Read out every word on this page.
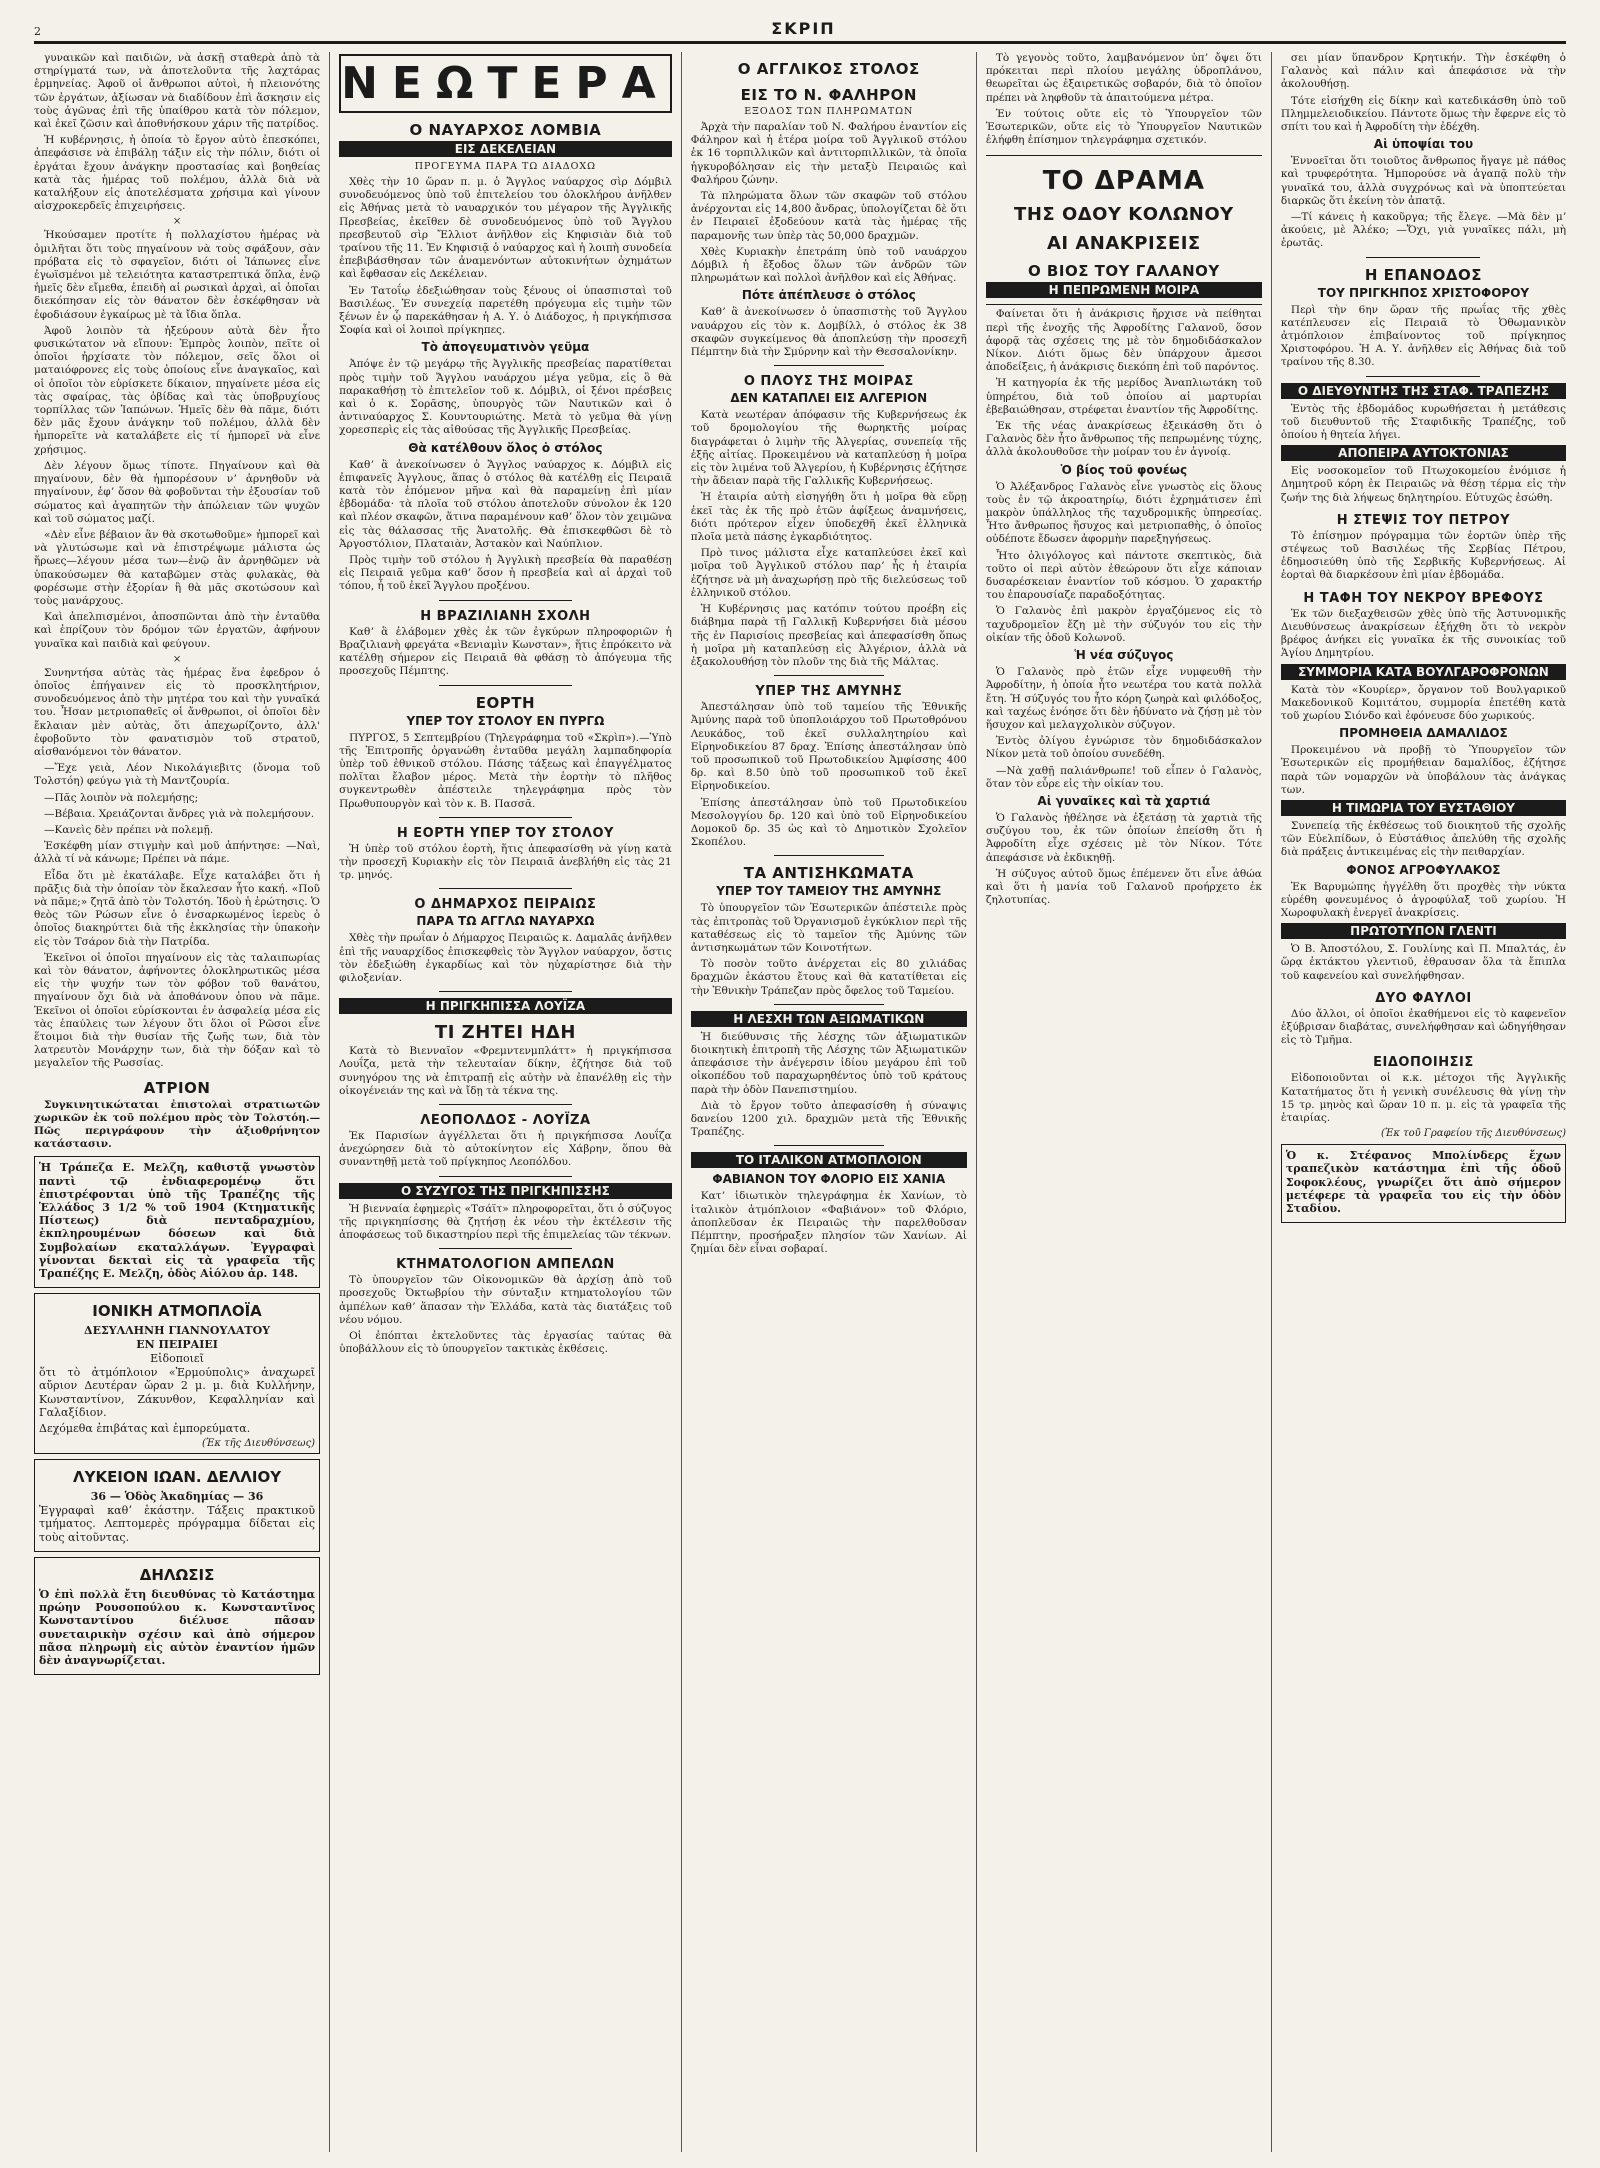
2	ΣΚΡΙΠ

γυναικῶν καὶ παιδιῶν, νὰ ἀσκῇ σταθερὰ ἀπὸ τὰ στηρίγματά των, νὰ ἀποτελοῦντα τῆς λαχτάρας ἑρμηνείας. Ἀφοῦ οἱ ἄνθρωποι αὐτοὶ, ἡ πλειονότης τῶν ἐργάτων, ἀξίωσαν νὰ διαδίδουν ἐπὶ ἄσκησιν εἰς τοὺς ἀγῶνας ἐπὶ τῆς ὑπαίθρου κατὰ τὸν πόλεμον, καὶ ἐκεῖ ζῶσιν καὶ ἀποθνήσκουν χάριν τῆς πατρίδος.

Ἡ κυβέρνησις, ἡ ὁποία τὸ ἔργον αὐτὸ ἐπεσκόπει, ἀπεφάσισε νὰ ἐπιβάλῃ τάξιν εἰς τὴν πόλιν, διότι οἱ ἐργάται ἔχουν ἀνάγκην προστασίας καὶ βοηθείας κατὰ τὰς ἡμέρας τοῦ πολέμου, ἀλλὰ διὰ νὰ καταλήξουν εἰς ἀποτελέσματα χρήσιμα καὶ γίνουν αἰσχροκερδεῖς ἐπιχειρήσεις.

×

Ἠκούσαμεν προτίτε ἡ πολλαχίστου ἡμέρας νὰ ὁμιλῆται ὅτι τοὺς πηγαίνουν νὰ τοὺς σφάξουν, σὰν πρόβατα εἰς τὸ σφαγεῖον, διότι οἱ Ἰάπωνες εἶνε ἐγωϊσμένοι μὲ τελειότητα καταστρεπτικά ὅπλα, ἐνῷ ἡμεῖς δὲν εἴμεθα, ἐπειδὴ αἱ ρωσικαὶ ἀρχαὶ, αἱ ὁποῖαι διεκόπησαν εἰς τὸν θάνατον δὲν ἐσκέφθησαν νὰ ἐφοδιάσουν ἐγκαίρως μὲ τὰ ἴδια ὅπλα.

Ἀφοῦ λοιπὸν τὰ ἠξεύρουν αὐτὰ δὲν ἦτο φυσικώτατον νὰ εἴπουν: Ἐμπρὸς λοιπὸν, πεῖτε οἱ ὁποῖοι ἠρχίσατε τὸν πόλεμον, σεῖς ὅλοι οἱ ματαιόφρονες εἰς τοὺς ὁποίους εἶνε ἀναγκαῖος, καὶ οἱ ὁποῖοι τὸν εὑρίσκετε δίκαιον, πηγαίνετε μέσα εἰς τὰς σφαίρας, τὰς ὀβίδας καὶ τὰς ὑποβρυχίους τορπίλλας τῶν Ἰαπώνων. Ἡμεῖς δὲν θὰ πᾶμε, διότι δὲν μᾶς ἔχουν ἀνάγκην τοῦ πολέμου, ἀλλὰ δὲν ἠμπορεῖτε νὰ καταλάβετε εἰς τί ἠμπορεῖ νὰ εἶνε χρήσιμος.

Δὲν λέγουν ὅμως τίποτε. Πηγαίνουν καὶ θὰ πηγαίνουν, δὲν θὰ ἠμπορέσουν νʼ ἀρνηθοῦν νὰ πηγαίνουν, ἐφʼ ὅσον θὰ φοβοῦνται τὴν ἐξουσίαν τοῦ σώματος καὶ ἀγαπητῶν τὴν ἀπώλειαν τῶν ψυχῶν καὶ τοῦ σώματος μαζί.

«Δὲν εἶνε βέβαιον ἂν θὰ σκοτωθοῦμε» ἠμπορεῖ καὶ νὰ γλυτώσωμε καὶ νὰ ἐπιστρέψωμε μάλιστα ὡς ἥρωες—λέγουν μέσα των—ἐνῷ ἂν ἀρνηθῶμεν νὰ ὑπακούσωμεν θὰ καταβῶμεν στὰς φυλακὰς, θὰ φορέσωμε στὴν ἐξορίαν ἢ θὰ μᾶς σκοτώσουν καὶ τοὺς μανάρχους.

Καὶ ἀπελπισμένοι, ἀποσπῶνται ἀπὸ τὴν ἐνταῦθα καὶ ἐπρίζουν τὸν δρόμον τῶν ἐργατῶν, ἀφήνουν γυναῖκα καὶ παιδιὰ καὶ φεύγουν.

×

Συνηντήσα αὐτὰς τὰς ἡμέρας ἕνα ἐφεδρον ὁ ὁποῖος ἐπήγαινεν εἰς τὸ προσκλητήριον, συνοδευόμενος ἀπὸ τὴν μητέρα του καὶ τὴν γυναῖκά του. Ἦσαν μετριοπαθεῖς οἱ ἄνθρωποι, οἱ ὁποῖοι δὲν ἔκλαιαν μὲν αὐτὰς, ὅτι ἀπεχωρίζοντο, ἀλλ' ἐφοβοῦντο τὸν φανατισμὸν τοῦ στρατοῦ, αἰσθανόμενοι τὸν θάνατον.

—Ἔχε γειὰ, Λέον Νικολάγιεβιτς (ὄνομα τοῦ Τολστόη) φεύγω γιὰ τὴ Μαντζουρία.

—Πᾶς λοιπὸν νὰ πολεμήσῃς;

—Βέβαια. Χρειάζονται ἄνδρες γιὰ νὰ πολεμήσουν.

—Κανεὶς δὲν πρέπει νὰ πολεμῇ.

Ἐσκέφθη μίαν στιγμὴν καὶ μοῦ ἀπήντησε: —Ναὶ, ἀλλὰ τί νὰ κάνωμε; Πρέπει νὰ πάμε.

Εἶδα ὅτι μὲ ἐκατάλαβε. Εἶχε καταλάβει ὅτι ἡ πρᾶξις διὰ τὴν ὁποίαν τὸν ἔκαλεσαν ἦτο κακή. «Ποῦ νὰ πᾶμε;» ζητᾶ ἀπὸ τὸν Τολστόη. Ἰδοὺ ἡ ἐρώτησις. Ὁ θεὸς τῶν Ρώσων εἶνε ὁ ἐνσαρκωμένος ἱερεὺς ὁ ὁποῖος διακηρύττει διὰ τῆς ἐκκλησίας τὴν ὑπακοὴν εἰς τὸν Τσάρον διὰ τὴν Πατρίδα.

Ἐκεῖνοι οἱ ὁποῖοι πηγαίνουν εἰς τὰς ταλαιπωρίας καὶ τὸν θάνατον, ἀφήνοντες ὀλοκληρωτικῶς μέσα εἰς τὴν ψυχήν των τὸν φόβον τοῦ θανάτου, πηγαίνουν ὄχι διὰ νὰ ἀποθάνουν ὁπου νὰ πᾶμε. Ἐκεῖνοι οἱ ὁποῖοι εὑρίσκονται ἐν ἀσφαλείᾳ μέσα εἰς τὰς ἐπαύλεις των λέγουν ὅτι ὅλοι οἱ Ρῶσοι εἶνε ἕτοιμοι διὰ τὴν θυσίαν τῆς ζωῆς των, διὰ τὸν λατρευτὸν Μονάρχην των, διὰ τὴν δόξαν καὶ τὸ μεγαλεῖον τῆς Ρωσσίας.

ΑΤΡΙΟΝ

Συγκινητικώταται ἐπιστολαὶ στρατιωτῶν χωρικῶν ἐκ τοῦ πολέμου πρὸς τὸν Τολστόη.— Πῶς περιγράφουν τὴν ἀξιοθρήνητον κατάστασιν.

Ἡ Τράπεζα Ε. Μελζη, καθιστᾷ γνωστὸν παντὶ τῷ ἐνδιαφερομένῳ ὅτι ἐπιστρέφονται ὑπὸ τῆς Τραπέζης τῆς Ἑλλάδος 3 1/2 % τοῦ 1904 (Κτηματικῆς Πίστεως) διὰ πενταδραχμίου, ἐκπληρουμένων δόσεων καὶ διὰ Συμβολαίων εκαταλλάγων. Ἐγγραφαὶ γίνονται δεκταὶ εἰς τὰ γραφεῖα τῆς Τραπέζης Ε. Μελζη, ὁδὸς Αἰόλου ἀρ. 148.

ΙΟΝΙΚΗ ΑΤΜΟΠΛΟΪΑ
ΔΕΣΥΛΛΗΝΗ ΓΙΑΝΝΟΥΛΑΤΟΥ
ΕΝ ΠΕΙΡΑΙΕΙ
Εἰδοποιεῖ

ὅτι τὸ ἀτμόπλοιον «Ἐρμούπολις» ἀναχωρεῖ αὔριον Δευτέραν ὥραν 2 μ. μ. διὰ Κυλλήνην, Κωνσταντίνον, Ζάκυνθον, Κεφαλληνίαν καὶ Γαλαξίδιον.

Δεχόμεθα ἐπιβάτας καὶ ἐμπορεύματα.

(Ἐκ τῆς Διευθύνσεως)
ΛΥΚΕΙΟΝ ΙΩΑΝ. ΔΕΛΛΙΟΥ
36 — Ὁδὸς Ἀκαδημίας — 36

Ἐγγραφαὶ καθʼ ἑκάστην. Τάξεις πρακτικοῦ τμήματος. Λεπτομερὲς πρόγραμμα δίδεται εἰς τοὺς αἰτοῦντας.

ΔΗΛΩΣΙΣ

Ὁ ἐπὶ πολλὰ ἔτη διευθύνας τὸ Κατάστημα πρώην Ρουσοπούλου κ. Κωνσταντῖνος Κωνσταντίνου διέλυσε πᾶσαν συνεταιρικὴν σχέσιν καὶ ἀπὸ σήμερον πᾶσα πληρωμὴ εἰς αὐτὸν ἐναντίον ἡμῶν δὲν ἀναγνωρίζεται.

ΝΕΩΤΕΡΑ
Ο ΝΑΥΑΡΧΟΣ ΛΟΜΒΙΑ
ΕΙΣ ΔΕΚΕΛΕΙΑΝ
ΠΡΟΓΕΥΜΑ ΠΑΡΑ ΤΩ ΔΙΑΔΟΧΩ

Χθὲς τὴν 10 ὥραν π. μ. ὁ Ἄγγλος ναύαρχος σὶρ Δόμβιλ συνοδευόμενος ὑπὸ τοῦ ἐπιτελείου του ὁλοκλήρου ἀνῆλθεν εἰς Ἀθήνας μετὰ τὸ ναυαρχικόν του μέγαρον τῆς Ἀγγλικῆς Πρεσβείας, ἐκεῖθεν δὲ συνοδευόμενος ὑπὸ τοῦ Ἄγγλου πρεσβευτοῦ σὶρ Ἔλλιοτ ἀνῆλθον εἰς Κηφισιὰν διὰ τοῦ τραίνου τῆς 11. Ἐν Κηφισιᾷ ὁ ναύαρχος καὶ ἡ λοιπὴ συνοδεία ἐπεβιβάσθησαν τῶν ἀναμενόντων αὐτοκινήτων ὀχημάτων καὶ ἔφθασαν εἰς Δεκέλειαν.

Ἐν Τατοΐῳ ἐδεξιώθησαν τοὺς ξένους οἱ ὑπασπισταὶ τοῦ Βασιλέως. Ἐν συνεχείᾳ παρετέθη πρόγευμα εἰς τιμὴν τῶν ξένων ἐν ᾧ παρεκάθησαν ἡ Α. Υ. ὁ Διάδοχος, ἡ πριγκήπισσα Σοφία καὶ οἱ λοιποὶ πρίγκηπες.

Τὸ ἀπογευματινὸν γεῦμα

Ἀπόψε ἐν τῷ μεγάρῳ τῆς Ἀγγλικῆς πρεσβείας παρατίθεται πρὸς τιμὴν τοῦ Ἄγγλου ναυάρχου μέγα γεῦμα, εἰς ὃ θὰ παρακαθήσῃ τὸ ἐπιτελεῖον τοῦ κ. Δόμβιλ, οἱ ξένοι πρέσβεις καὶ ὁ κ. Σορᾶσης, ὑπουργὸς τῶν Ναυτικῶν καὶ ὁ ἀντιναύαρχος Σ. Κουντουριώτης. Μετὰ τὸ γεῦμα θὰ γίνῃ χορεσπερὶς εἰς τὰς αἰθούσας τῆς Ἀγγλικῆς Πρεσβείας.

Θὰ κατέλθουν ὅλος ὁ στόλος

Καθʼ ἃ ἀνεκοίνωσεν ὁ Ἄγγλος ναύαρχος κ. Δόμβιλ εἰς ἐπιφανεῖς Ἀγγλους, ἅπας ὁ στόλος θὰ κατέλθῃ εἰς Πειραιᾶ κατὰ τὸν ἐπόμενον μῆνα καὶ θὰ παραμείνῃ ἐπὶ μίαν ἑβδομάδα· τὰ πλοῖα τοῦ στόλου ἀποτελοῦν σύνολον ἐκ 120 καὶ πλέον σκαφῶν, ἅτινα παραμένουν καθʼ ὅλον τὸν χειμῶνα εἰς τὰς θάλασσας τῆς Ἀνατολῆς. Θὰ ἐπισκεφθῶσι δὲ τὸ Ἀργοστόλιον, Πλαταιὰν, Ἀστακὸν καὶ Ναύπλιον.

Πρὸς τιμὴν τοῦ στόλου ἡ Ἀγγλικὴ πρεσβεία θὰ παραθέσῃ εἰς Πειραιᾶ γεῦμα καθʼ ὅσον ἡ πρεσβεία καὶ αἱ ἀρχαὶ τοῦ τόπου, ἦ τοῦ ἐκεῖ Ἄγγλου προξένου.

Η ΒΡΑΖΙΛΙΑΝΗ ΣΧΟΛΗ

Καθʼ ἃ ἐλάβομεν χθὲς ἐκ τῶν ἐγκύρων πληροφοριῶν ἡ Βραζιλιανὴ φρεγάτα «Βενιαμὶν Κωνσταν», ἥτις ἐπρόκειτο νὰ κατέλθῃ σήμερον εἰς Πειραιᾶ θὰ φθάσῃ τὸ ἀπόγευμα τῆς προσεχοῦς Πέμπτης.

ΕΟΡΤΗ
ΥΠΕΡ ΤΟΥ ΣΤΟΛΟΥ ΕΝ ΠΥΡΓΩ

ΠΥΡΓΟΣ, 5 Σεπτεμβρίου (Τηλεγράφημα τοῦ «Σκρὶπ»).—Ὑπὸ τῆς Ἐπιτροπῆς ὀργανώθη ἐνταῦθα μεγάλη λαμπαδηφορία ὑπὲρ τοῦ ἐθνικοῦ στόλου. Πάσης τάξεως καὶ ἐπαγγέλματος πολῖται ἔλαβον μέρος. Μετὰ τὴν ἑορτὴν τὸ πλῆθος συγκεντρωθὲν ἀπέστειλε τηλεγράφημα πρὸς τὸν Πρωθυπουργὸν καὶ τὸν κ. Β. Πασσᾶ.

Η ΕΟΡΤΗ ΥΠΕΡ ΤΟΥ ΣΤΟΛΟΥ

Ἡ ὑπὲρ τοῦ στόλου ἑορτὴ, ἥτις ἀπεφασίσθη νὰ γίνῃ κατὰ τὴν προσεχῆ Κυριακὴν εἰς τὸν Πειραιᾶ ἀνεβλήθη εἰς τὰς 21 τρ. μηνός.

Ο ΔΗΜΑΡΧΟΣ ΠΕΙΡΑΙΩΣ
ΠΑΡΑ ΤΩ ΑΓΓΛΩ ΝΑΥΑΡΧΩ

Χθὲς τὴν πρωΐαν ὁ Δήμαρχος Πειραιῶς κ. Δαμαλᾶς ἀνῆλθεν ἐπὶ τῆς ναυαρχίδος ἐπισκεφθεὶς τὸν Ἄγγλον ναύαρχον, ὅστις τὸν ἐδεξιώθη ἐγκαρδίως καὶ τὸν ηὐχαρίστησε διὰ τὴν φιλοξενίαν.

Η ΠΡΙΓΚΗΠΙΣΣΑ ΛΟΥΪΖΑ
ΤΙ ΖΗΤΕΙ ΗΔΗ

Κατὰ τὸ Βιενναῖον «Φρεμντενμπλάττ» ἡ πριγκήπισσα Λουΐζα, μετὰ τὴν τελευταίαν δίκην, ἐζήτησε διὰ τοῦ συνηγόρου της νὰ ἐπιτραπῇ εἰς αὐτὴν νὰ ἐπανέλθῃ εἰς τὴν οἰκογένειάν της καὶ νὰ ἴδῃ τὰ τέκνα της.

ΛΕΟΠΟΛΔΟΣ - ΛΟΥΪΖΑ

Ἐκ Παρισίων ἀγγέλλεται ὅτι ἡ πριγκήπισσα Λουΐζα ἀνεχώρησεν διὰ τὸ αὐτοκίνητον εἰς Χάβρην, ὅπου θὰ συναντηθῇ μετὰ τοῦ πρίγκηπος Λεοπόλδου.

Ο ΣΥΖΥΓΟΣ ΤΗΣ ΠΡΙΓΚΗΠΙΣΣΗΣ

Ἡ βιενναία ἐφημερὶς «Τσάϊτ» πληροφορεῖται, ὅτι ὁ σύζυγος τῆς πριγκηπίσσης θὰ ζητήσῃ ἐκ νέου τὴν ἐκτέλεσιν τῆς ἀποφάσεως τοῦ δικαστηρίου περὶ τῆς ἐπιμελείας τῶν τέκνων.

ΚΤΗΜΑΤΟΛΟΓΙΟΝ ΑΜΠΕΛΩΝ

Τὸ ὑπουργεῖον τῶν Οἰκονομικῶν θὰ ἀρχίσῃ ἀπὸ τοῦ προσεχοῦς Ὀκτωβρίου τὴν σύνταξιν κτηματολογίου τῶν ἀμπέλων καθʼ ἅπασαν τὴν Ἑλλάδα, κατὰ τὰς διατάξεις τοῦ νέου νόμου.

Οἱ ἐπόπται ἐκτελοῦντες τὰς ἐργασίας ταύτας θὰ ὑποβάλλουν εἰς τὸ ὑπουργεῖον τακτικὰς ἐκθέσεις.

Ο ΑΓΓΛΙΚΟΣ ΣΤΟΛΟΣ
ΕΙΣ ΤΟ Ν. ΦΑΛΗΡΟΝ
ΕΞΟΔΟΣ ΤΩΝ ΠΛΗΡΩΜΑΤΩΝ

Ἀρχὰ τὴν παραλίαν τοῦ Ν. Φαλήρου ἐναντίον εἰς Φάληρον καὶ ἡ ἑτέρα μοίρα τοῦ Ἀγγλικοῦ στόλου ἐκ 16 τορπιλλικῶν καὶ ἀντιτορπιλλικῶν, τὰ ὁποῖα ἠγκυροβόλησαν εἰς τὴν μεταξὺ Πειραιῶς καὶ Φαλήρου ζώνην.

Τὰ πληρώματα ὅλων τῶν σκαφῶν τοῦ στόλου ἀνέρχονται εἰς 14,800 ἄνδρας, ὑπολογίζεται δὲ ὅτι ἐν Πειραιεῖ ἐξοδεύουν κατὰ τὰς ἡμέρας τῆς παραμονῆς των ὑπὲρ τὰς 50,000 δραχμῶν.

Χθὲς Κυριακὴν ἐπετράπη ὑπὸ τοῦ ναυάρχου Δόμβιλ ἡ ἔξοδος ὅλων τῶν ἀνδρῶν τῶν πληρωμάτων καὶ πολλοὶ ἀνῆλθον καὶ εἰς Ἀθήνας.

Πότε ἀπέπλευσε ὁ στόλος

Καθʼ ἃ ἀνεκοίνωσεν ὁ ὑπασπιστὴς τοῦ Ἄγγλου ναυάρχου εἰς τὸν κ. Δομβίλλ, ὁ στόλος ἐκ 38 σκαφῶν συγκείμενος θὰ ἀποπλεύσῃ τὴν προσεχῆ Πέμπτην διὰ τὴν Σμύρνην καὶ τὴν Θεσσαλονίκην.

Ο ΠΛΟΥΣ ΤΗΣ ΜΟΙΡΑΣ
ΔΕΝ ΚΑΤΑΠΛΕΙ ΕΙΣ ΑΛΓΕΡΙΟΝ

Κατὰ νεωτέραν ἀπόφασιν τῆς Κυβερνήσεως ἐκ τοῦ δρομολογίου τῆς θωρηκτῆς μοίρας διαγράφεται ὁ λιμὴν τῆς Ἀλγερίας, συνεπείᾳ τῆς ἐξῆς αἰτίας. Προκειμένου νὰ καταπλεύσῃ ἡ μοῖρα εἰς τὸν λιμένα τοῦ Ἀλγερίου, ἡ Κυβέρνησις ἐζήτησε τὴν ἄδειαν παρὰ τῆς Γαλλικῆς Κυβερνήσεως.

Ἡ ἑταιρία αὐτὴ εἰσηγήθη ὅτι ἡ μοῖρα θὰ εὕρῃ ἐκεῖ τὰς ἐκ τῆς πρὸ ἐτῶν ἀφίξεως ἀναμνήσεις, διότι πρότερον εἶχεν ὑποδεχθῆ ἐκεῖ ἑλληνικὰ πλοῖα μετὰ πάσης ἐγκαρδιότητος.

Πρὸ τινος μάλιστα εἶχε καταπλεύσει ἐκεῖ καὶ μοῖρα τοῦ Ἀγγλικοῦ στόλου παρʼ ἧς ἡ ἑταιρία ἐζήτησε νὰ μὴ ἀναχωρήσῃ πρὸ τῆς διελεύσεως τοῦ ἑλληνικοῦ στόλου.

Ἡ Κυβέρνησις μας κατόπιν τούτου προέβη εἰς διάβημα παρὰ τῇ Γαλλικῇ Κυβερνήσει διὰ μέσου τῆς ἐν Παρισίοις πρεσβείας καὶ ἀπεφασίσθη ὅπως ἡ μοῖρα μὴ καταπλεύσῃ εἰς Ἀλγέριον, ἀλλὰ νὰ ἐξακολουθήσῃ τὸν πλοῦν της διὰ τῆς Μάλτας.

ΥΠΕΡ ΤΗΣ ΑΜΥΝΗΣ

Ἀπεστάλησαν ὑπὸ τοῦ ταμείου τῆς Ἐθνικῆς Ἀμύνης παρὰ τοῦ ὑποπλοιάρχου τοῦ Πρωτοθρόνου Λευκάδος, τοῦ ἐκεῖ συλλαλητηρίου καὶ Εἰρηνοδικείου 87 δραχ. Ἐπίσης ἀπεστάλησαν ὑπὸ τοῦ προσωπικοῦ τοῦ Πρωτοδικείου Ἀμφίσσης 400 δρ. καὶ 8.50 ὑπὸ τοῦ προσωπικοῦ τοῦ ἐκεῖ Εἰρηνοδικείου.

Ἐπίσης ἀπεστάλησαν ὑπὸ τοῦ Πρωτοδικείου Μεσολογγίου δρ. 120 καὶ ὑπὸ τοῦ Εἰρηνοδικείου Δομοκοῦ δρ. 35 ὡς καὶ τὸ Δημοτικὸν Σχολεῖον Σκοπέλου.

ΤΑ ΑΝΤΙΣΗΚΩΜΑΤΑ
ΥΠΕΡ ΤΟΥ ΤΑΜΕΙΟΥ ΤΗΣ ΑΜΥΝΗΣ

Τὸ ὑπουργεῖον τῶν Ἐσωτερικῶν ἀπέστειλε πρὸς τὰς ἐπιτροπὰς τοῦ Ὀργανισμοῦ ἐγκύκλιον περὶ τῆς καταθέσεως εἰς τὸ ταμεῖον τῆς Ἀμύνης τῶν ἀντισηκωμάτων τῶν Κοινοτήτων.

Τὸ ποσὸν τοῦτο ἀνέρχεται εἰς 80 χιλιάδας δραχμῶν ἑκάστου ἔτους καὶ θὰ κατατίθεται εἰς τὴν Ἐθνικὴν Τράπεζαν πρὸς ὄφελος τοῦ Ταμείου.

Η ΛΕΣΧΗ ΤΩΝ ΑΞΙΩΜΑΤΙΚΩΝ

Ἡ διεύθυνσις τῆς λέσχης τῶν ἀξιωματικῶν διοικητικὴ ἐπιτροπὴ τῆς Λέσχης τῶν Ἀξιωματικῶν ἀπεφάσισε τὴν ἀνέγερσιν ἰδίου μεγάρου ἐπὶ τοῦ οἰκοπέδου τοῦ παραχωρηθέντος ὑπὸ τοῦ κράτους παρὰ τὴν ὁδὸν Πανεπιστημίου.

Διὰ τὸ ἔργον τοῦτο ἀπεφασίσθη ἡ σύναψις δανείου 1200 χιλ. δραχμῶν μετὰ τῆς Ἐθνικῆς Τραπέζης.

ΤΟ ΙΤΑΛΙΚΟΝ ΑΤΜΟΠΛΟΙΟΝ
ΦΑΒΙΑΝΟΝ ΤΟΥ ΦΛΟΡΙΟ ΕΙΣ ΧΑΝΙΑ

Κατʼ ἰδιωτικὸν τηλεγράφημα ἐκ Χανίων, τὸ ἰταλικὸν ἀτμόπλοιον «Φαβιάνον» τοῦ Φλόριο, ἀποπλεῦσαν ἐκ Πειραιῶς τὴν παρελθοῦσαν Πέμπτην, προσήραξεν πλησίον τῶν Χανίων. Αἱ ζημίαι δὲν εἶναι σοβαραί.

Τὸ γεγονὸς τοῦτο, λαμβανόμενον ὑπʼ ὄψει ὅτι πρόκειται περὶ πλοίου μεγάλης ὑδροπλάνου, θεωρεῖται ὡς ἐξαιρετικῶς σοβαρόν, διὰ τὸ ὁποῖον πρέπει νὰ ληφθοῦν τὰ ἀπαιτούμενα μέτρα.

Ἐν τούτοις οὔτε εἰς τὸ Ὑπουργεῖον τῶν Ἐσωτερικῶν, οὔτε εἰς τὸ Ὑπουργεῖον Ναυτικῶν ἐλήφθη ἐπίσημον τηλεγράφημα σχετικόν.

ΤΟ ΔΡΑΜΑ
ΤΗΣ ΟΔΟΥ ΚΟΛΩΝΟΥ
ΑΙ ΑΝΑΚΡΙΣΕΙΣ
Ο ΒΙΟΣ ΤΟΥ ΓΑΛΑΝΟΥ
Η ΠΕΠΡΩΜΕΝΗ ΜΟΙΡΑ

Φαίνεται ὅτι ἡ ἀνάκρισις ἤρχισε νὰ πείθηται περὶ τῆς ἐνοχῆς τῆς Ἀφροδίτης Γαλανοῦ, ὅσον ἀφορᾷ τὰς σχέσεις της μὲ τὸν δημοδιδάσκαλον Νίκον. Διότι ὅμως δὲν ὑπάρχουν ἄμεσοι ἀποδείξεις, ἡ ἀνάκρισις διεκόπη ἐπὶ τοῦ παρόντος.

Ἡ κατηγορία ἐκ τῆς μερίδος Ἀναπλιωτάκη τοῦ ὑπηρέτου, διὰ τοῦ ὁποίου αἱ μαρτυρίαι ἐβεβαιώθησαν, στρέφεται ἐναντίον τῆς Ἀφροδίτης.

Ἐκ τῆς νέας ἀνακρίσεως ἐξεικάσθη ὅτι ὁ Γαλανὸς δὲν ἦτο ἄνθρωπος τῆς πεπρωμένης τύχης, ἀλλὰ ἀκολουθοῦσε τὴν μοίραν του ἐν ἀγνοίᾳ.

Ὁ βίος τοῦ φονέως

Ὁ Ἀλέξανδρος Γαλανὸς εἶνε γνωστὸς εἰς ὅλους τοὺς ἐν τῷ ἀκροατηρίῳ, διότι ἐχρημάτισεν ἐπὶ μακρὸν ὑπάλληλος τῆς ταχυδρομικῆς ὑπηρεσίας. Ἦτο ἄνθρωπος ἥσυχος καὶ μετριοπαθὴς, ὁ ὁποῖος οὐδέποτε ἔδωσεν ἀφορμὴν παρεξηγήσεως.

Ἦτο ὀλιγόλογος καὶ πάντοτε σκεπτικὸς, διὰ τοῦτο οἱ περὶ αὐτὸν ἐθεώρουν ὅτι εἶχε κάποιαν δυσαρέσκειαν ἐναντίον τοῦ κόσμου. Ὁ χαρακτήρ του ἐπαρουσίαζε παραδοξότητας.

Ὁ Γαλανὸς ἐπὶ μακρὸν ἐργαζόμενος εἰς τὸ ταχυδρομεῖον ἔζη μὲ τὴν σύζυγόν του εἰς τὴν οἰκίαν τῆς ὁδοῦ Κολωνοῦ.

Ἡ νέα σύζυγος

Ὁ Γαλανὸς πρὸ ἐτῶν εἶχε νυμφευθῆ τὴν Ἀφροδίτην, ἡ ὁποία ἦτο νεωτέρα του κατὰ πολλὰ ἔτη. Ἡ σύζυγός του ἦτο κόρη ζωηρὰ καὶ φιλόδοξος, καὶ ταχέως ἐνόησε ὅτι δὲν ἠδύνατο νὰ ζήσῃ μὲ τὸν ἥσυχον καὶ μελαγχολικὸν σύζυγον.

Ἐντὸς ὀλίγου ἐγνώρισε τὸν δημοδιδάσκαλον Νίκον μετὰ τοῦ ὁποίου συνεδέθη.

—Νὰ χαθῇ παλιάνθρωπε! τοῦ εἶπεν ὁ Γαλανὸς, ὅταν τὸν εὗρε εἰς τὴν οἰκίαν του.

Αἱ γυναῖκες καὶ τὰ χαρτιά

Ὁ Γαλανὸς ἠθέλησε νὰ ἐξετάσῃ τὰ χαρτιὰ τῆς συζύγου του, ἐκ τῶν ὁποίων ἐπείσθη ὅτι ἡ Ἀφροδίτη εἶχε σχέσεις μὲ τὸν Νίκον. Τότε ἀπεφάσισε νὰ ἐκδικηθῇ.

Ἡ σύζυγος αὐτοῦ ὅμως ἐπέμενεν ὅτι εἶνε ἀθώα καὶ ὅτι ἡ μανία τοῦ Γαλανοῦ προήρχετο ἐκ ζηλοτυπίας.

σει μίαν ὕπανδρον Κρητικήν. Τὴν ἐσκέφθη ὁ Γαλανὸς καὶ πάλιν καὶ ἀπεφάσισε νὰ τὴν ἀκολουθήσῃ.

Τότε εἰσήχθη εἰς δίκην καὶ κατεδικάσθη ὑπὸ τοῦ Πλημμελειοδικείου. Πάντοτε ὅμως τὴν ἔφερνε εἰς τὸ σπίτι του καὶ ἡ Ἀφροδίτη τὴν ἐδέχθη.

Αἱ ὑποψίαι του

Ἐννοεῖται ὅτι τοιοῦτος ἄνθρωπος ἤγαγε μὲ πάθος καὶ τρυφερότητα. Ἠμπορούσε νὰ ἀγαπᾷ πολὺ τὴν γυναῖκά του, ἀλλὰ συγχρόνως καὶ νὰ ὑποπτεύεται διαρκῶς ὅτι ἐκείνη τὸν ἀπατᾷ.

—Τί κάνεις ἡ κακοῦργα; τῆς ἔλεγε. —Μὰ δὲν μʼ ἀκούεις, μὲ Ἀλέκο; —Ὄχι, γιὰ γυναῖκες πάλι, μὴ ἐρωτᾶς.

Η ΕΠΑΝΟΔΟΣ
ΤΟΥ ΠΡΙΓΚΗΠΟΣ ΧΡΙΣΤΟΦΟΡΟΥ

Περὶ τὴν 6ην ὥραν τῆς πρωΐας τῆς χθὲς κατέπλευσεν εἰς Πειραιᾶ τὸ Ὀθωμανικὸν ἀτμόπλοιον ἐπιβαίνοντος τοῦ πρίγκηπος Χριστοφόρου. Ἡ Α. Υ. ἀνῆλθεν εἰς Ἀθήνας διὰ τοῦ τραίνου τῆς 8.30.

Ο ΔΙΕΥΘΥΝΤΗΣ ΤΗΣ ΣΤΑΦ. ΤΡΑΠΕΖΗΣ

Ἐντὸς τῆς ἑβδομάδος κυρωθήσεται ἡ μετάθεσις τοῦ διευθυντοῦ τῆς Σταφιδικῆς Τραπέζης, τοῦ ὁποίου ἡ θητεία λήγει.

ΑΠΟΠΕΙΡΑ ΑΥΤΟΚΤΟΝΙΑΣ

Εἰς νοσοκομεῖον τοῦ Πτωχοκομείου ἐνόμισε ἡ Δημητροῦ κόρη ἐκ Πειραιῶς νὰ θέσῃ τέρμα εἰς τὴν ζωήν της διὰ λήψεως δηλητηρίου. Εὐτυχῶς ἐσώθη.

Η ΣΤΕΨΙΣ ΤΟΥ ΠΕΤΡΟΥ

Τὸ ἐπίσημον πρόγραμμα τῶν ἑορτῶν ὑπὲρ τῆς στέψεως τοῦ Βασιλέως τῆς Σερβίας Πέτρου, ἐδημοσιεύθη ὑπὸ τῆς Σερβικῆς Κυβερνήσεως. Αἱ ἑορταὶ θὰ διαρκέσουν ἐπὶ μίαν ἑβδομάδα.

Η ΤΑΦΗ ΤΟΥ ΝΕΚΡΟΥ ΒΡΕΦΟΥΣ

Ἐκ τῶν διεξαχθεισῶν χθὲς ὑπὸ τῆς Ἀστυνομικῆς Διευθύνσεως ἀνακρίσεων ἐξήχθη ὅτι τὸ νεκρὸν βρέφος ἀνήκει εἰς γυναῖκα ἐκ τῆς συνοικίας τοῦ Ἁγίου Δημητρίου.

ΣΥΜΜΟΡΙΑ ΚΑΤΑ ΒΟΥΛΓΑΡΟΦΡΟΝΩΝ

Κατὰ τὸν «Κουρίερ», ὄργανον τοῦ Βουλγαρικοῦ Μακεδονικοῦ Κομιτάτου, συμμορία ἐπετέθη κατὰ τοῦ χωρίου Σιόνδο καὶ ἐφόνευσε δύο χωρικούς.

ΠΡΟΜΗΘΕΙΑ ΔΑΜΑΛΙΔΟΣ

Προκειμένου νὰ προβῇ τὸ Ὑπουργεῖον τῶν Ἐσωτερικῶν εἰς προμήθειαν δαμαλίδος, ἐζήτησε παρὰ τῶν νομαρχῶν νὰ ὑποβάλουν τὰς ἀνάγκας των.

Η ΤΙΜΩΡΙΑ ΤΟΥ ΕΥΣΤΑΘΙΟΥ

Συνεπείᾳ τῆς ἐκθέσεως τοῦ διοικητοῦ τῆς σχολῆς τῶν Εὐελπίδων, ὁ Εὐστάθιος ἀπελύθη τῆς σχολῆς διὰ πράξεις ἀντικειμένας εἰς τὴν πειθαρχίαν.

ΦΟΝΟΣ ΑΓΡΟΦΥΛΑΚΟΣ

Ἐκ Βαρυμώπης ἠγγέλθη ὅτι προχθὲς τὴν νύκτα εὑρέθη φονευμένος ὁ ἀγροφύλαξ τοῦ χωρίου. Ἡ Χωροφυλακὴ ἐνεργεῖ ἀνακρίσεις.

ΠΡΩΤΟΤΥΠΟΝ ΓΛΕΝΤΙ

Ὁ Β. Ἀποστόλου, Σ. Γουλίνης καὶ Π. Μπαλτάς, ἐν ὥρᾳ ἐκτάκτου γλεντιοῦ, ἐθραυσαν ὅλα τὰ ἔπιπλα τοῦ καφενείου καὶ συνελήφθησαν.

ΔΥΟ ΦΑΥΛΟΙ

Δύο ἄλλοι, οἱ ὁποῖοι ἐκαθήμενοι εἰς τὸ καφενεῖον ἐξύβρισαν διαβάτας, συνελήφθησαν καὶ ὡδηγήθησαν εἰς τὸ Τμῆμα.

ΕΙΔΟΠΟΙΗΣΙΣ

Εἰδοποιοῦνται οἱ κ.κ. μέτοχοι τῆς Ἀγγλικῆς Κατατήματος ὅτι ἡ γενικὴ συνέλευσις θὰ γίνῃ τὴν 15 τρ. μηνὸς καὶ ὥραν 10 π. μ. εἰς τὰ γραφεῖα τῆς ἑταιρίας.

(Ἐκ τοῦ Γραφείου τῆς Διευθύνσεως)

Ὁ κ. Στέφανος Μπολίνδερς ἔχων τραπεζικὸν κατάστημα ἐπὶ τῆς ὁδοῦ Σοφοκλέους, γνωρίζει ὅτι ἀπὸ σήμερον μετέφερε τὰ γραφεῖα του εἰς τὴν ὁδὸν Σταδίου.
